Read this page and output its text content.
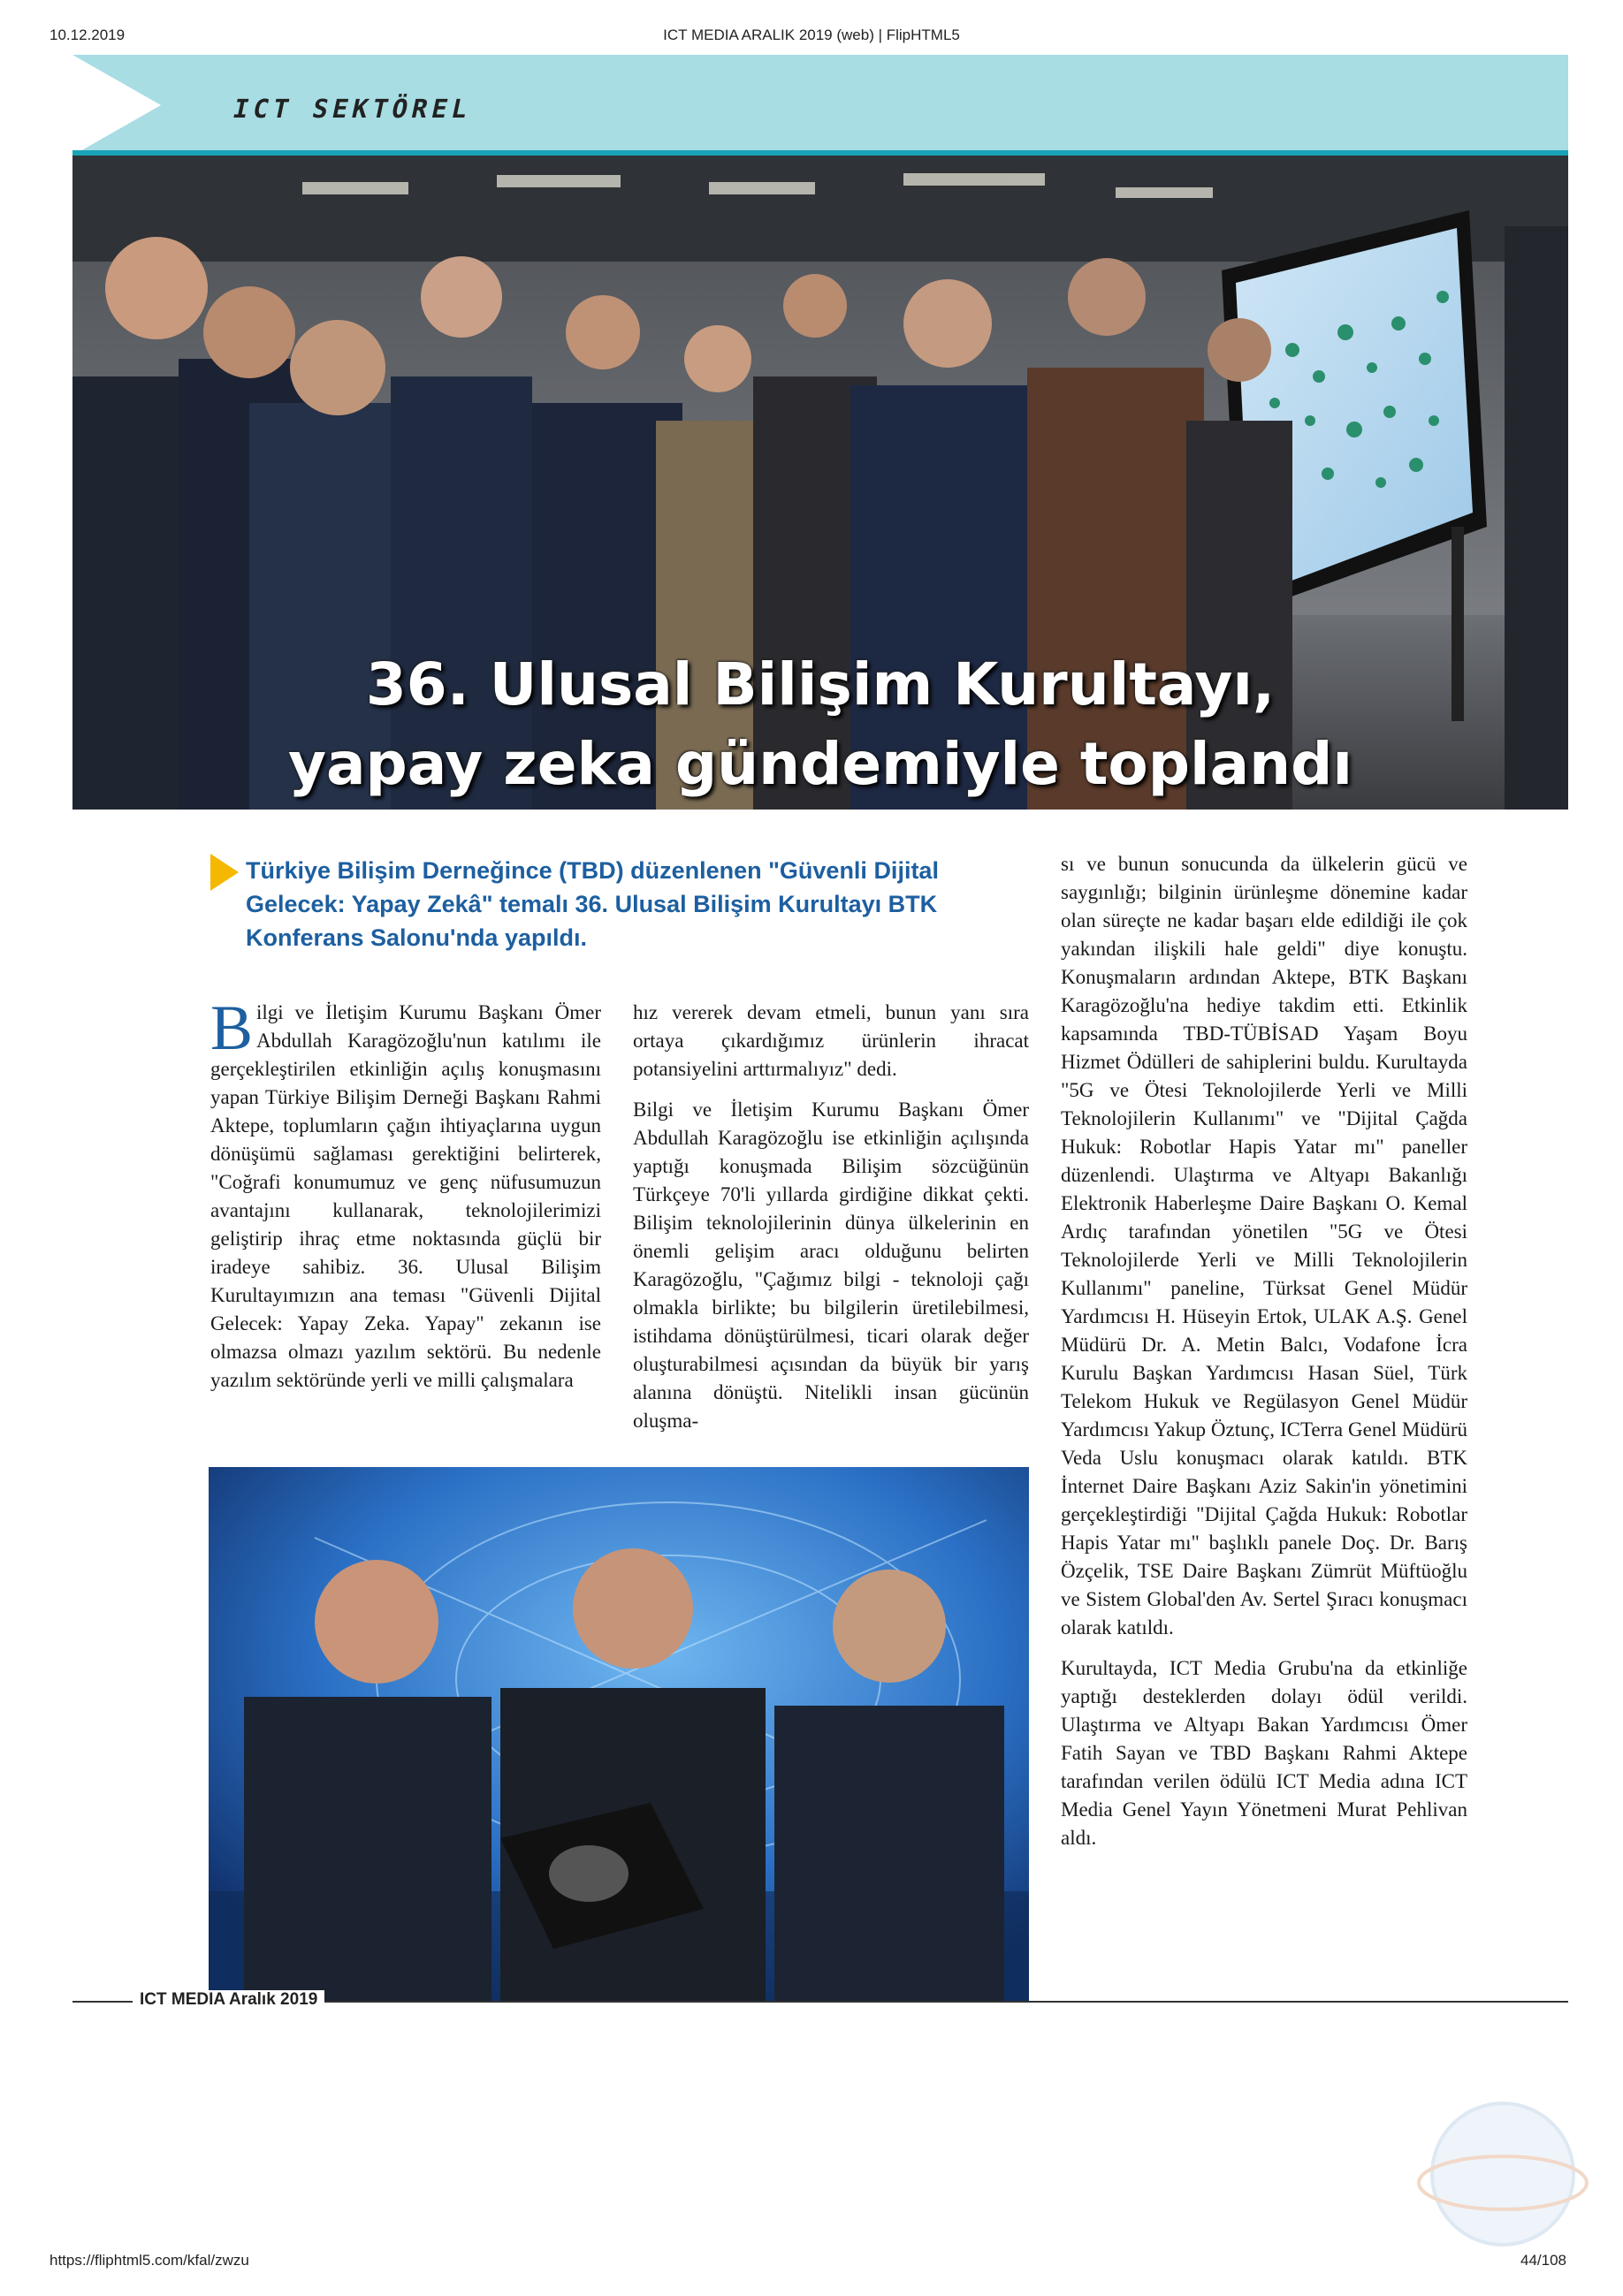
10.12.2019	ICT MEDIA ARALIK 2019 (web) | FlipHTML5
ICT SEKTÖREL
36. Ulusal Bilişim Kurultayı,
yapay zeka gündemiyle toplandı
Türkiye Bilişim Derneğince (TBD) düzenlenen "Güvenli Dijital Gelecek: Yapay Zekâ" temalı 36. Ulusal Bilişim Kurultayı BTK Konferans Salonu'nda yapıldı.

Bilgi ve İletişim Kurumu Başkanı Ömer Abdullah Karagözoğlu'nun katılımı ile gerçekleştirilen etkinliğin açılış konuşmasını yapan Türkiye Bilişim Derneği Başkanı Rahmi Aktepe, toplumların çağın ihtiyaçlarına uygun dönüşümü sağlaması gerektiğini belirterek, "Coğrafi konumumuz ve genç nüfusumuzun avantajını kullanarak, teknolojilerimizi geliştirip ihraç etme noktasında güçlü bir iradeye sahibiz. 36. Ulusal Bilişim Kurultayımızın ana teması "Güvenli Dijital Gelecek: Yapay Zeka. Yapay" zekanın ise olmazsa olmazı yazılım sektörü. Bu nedenle yazılım sektöründe yerli ve milli çalışmalara

hız vererek devam etmeli, bunun yanı sıra ortaya çıkardığımız ürünlerin ihracat potansiyelini arttırmalıyız" dedi.

Bilgi ve İletişim Kurumu Başkanı Ömer Abdullah Karagözoğlu ise etkinliğin açılışında yaptığı konuşmada Bilişim sözcüğünün Türkçeye 70'li yıllarda girdiğine dikkat çekti. Bilişim teknolojilerinin dünya ülkelerinin en önemli gelişim aracı olduğunu belirten Karagözoğlu, "Çağımız bilgi - teknoloji çağı olmakla birlikte; bu bilgilerin üretilebilmesi, istihdama dönüştürülmesi, ticari olarak değer oluşturabilmesi açısından da büyük bir yarış alanına dönüştü. Nitelikli insan gücünün oluşma-

sı ve bunun sonucunda da ülkelerin gücü ve saygınlığı; bilginin ürünleşme dönemine kadar olan süreçte ne kadar başarı elde edildiği ile çok yakından ilişkili hale geldi" diye konuştu. Konuşmaların ardından Aktepe, BTK Başkanı Karagözoğlu'na hediye takdim etti. Etkinlik kapsamında TBD-TÜBİSAD Yaşam Boyu Hizmet Ödülleri de sahiplerini buldu. Kurultayda "5G ve Ötesi Teknolojilerde Yerli ve Milli Teknolojilerin Kullanımı" ve "Dijital Çağda Hukuk: Robotlar Hapis Yatar mı" paneller düzenlendi. Ulaştırma ve Altyapı Bakanlığı Elektronik Haberleşme Daire Başkanı O. Kemal Ardıç tarafından yönetilen "5G ve Ötesi Teknolojilerde Yerli ve Milli Teknolojilerin Kullanımı" paneline, Türksat Genel Müdür Yardımcısı H. Hüseyin Ertok, ULAK A.Ş. Genel Müdürü Dr. A. Metin Balcı, Vodafone İcra Kurulu Başkan Yardımcısı Hasan Süel, Türk Telekom Hukuk ve Regülasyon Genel Müdür Yardımcısı Yakup Öztunç, ICTerra Genel Müdürü Veda Uslu konuşmacı olarak katıldı. BTK İnternet Daire Başkanı Aziz Sakin'in yönetimini gerçekleştirdiği "Dijital Çağda Hukuk: Robotlar Hapis Yatar mı" başlıklı panele Doç. Dr. Barış Özçelik, TSE Daire Başkanı Zümrüt Müftüoğlu ve Sistem Global'den Av. Sertel Şıracı konuşmacı olarak katıldı.

Kurultayda, ICT Media Grubu'na da etkinliğe yaptığı desteklerden dolayı ödül verildi. Ulaştırma ve Altyapı Bakan Yardımcısı Ömer Fatih Sayan ve TBD Başkanı Rahmi Aktepe tarafından verilen ödülü ICT Media adına ICT Media Genel Yayın Yönetmeni Murat Pehlivan aldı.

ICT MEDIA Aralık 2019
https://fliphtml5.com/kfal/zwzu	44/108
